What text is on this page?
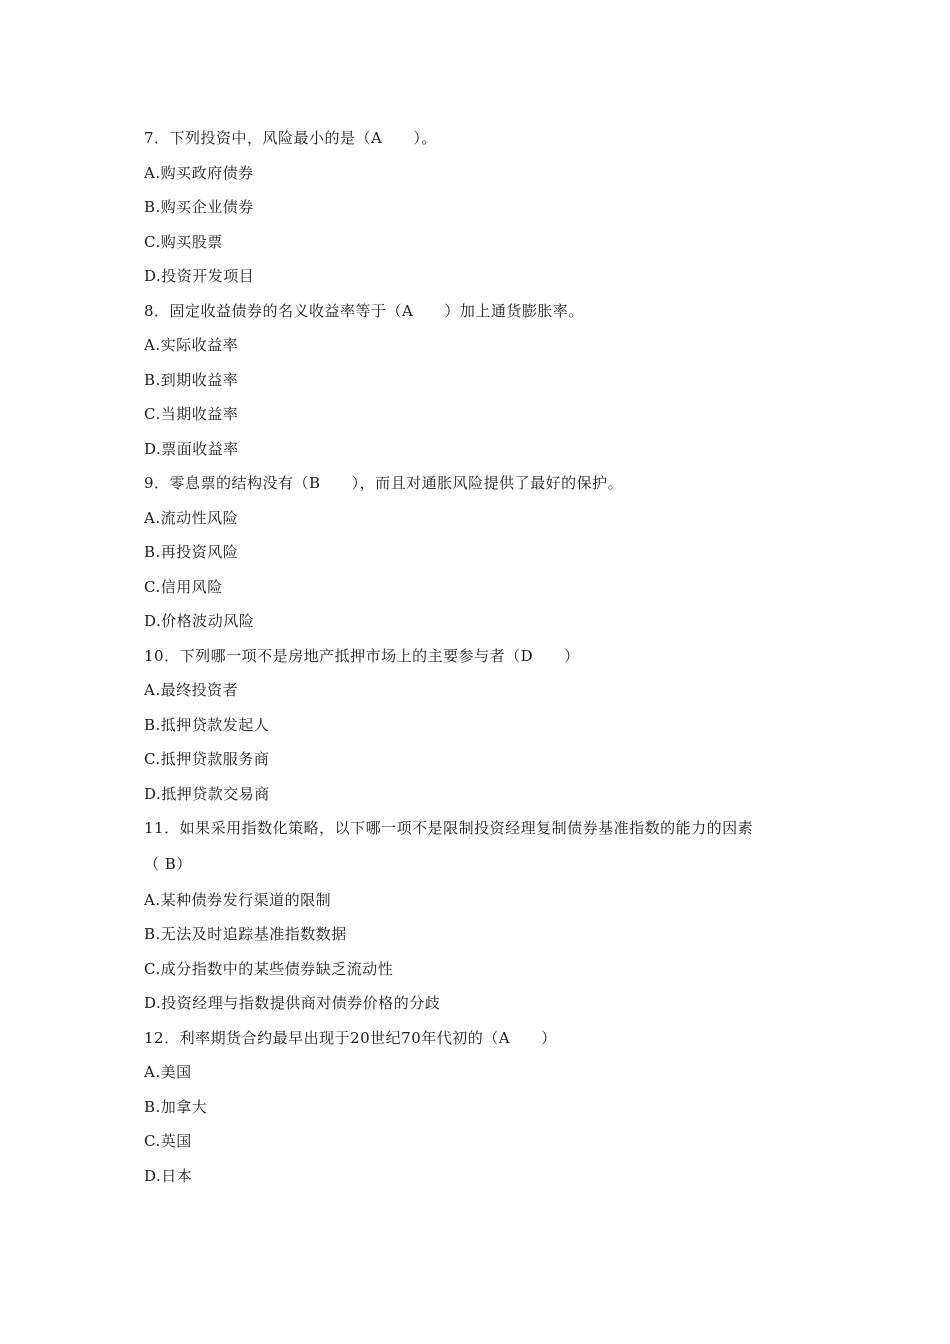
7．下列投资中，风险最小的是（A　　）。
A.购买政府债券
B.购买企业债券
C.购买股票
D.投资开发项目
8．固定收益债券的名义收益率等于（A　　）加上通货膨胀率。
A.实际收益率
B.到期收益率
C.当期收益率
D.票面收益率
9．零息票的结构没有（B　　），而且对通胀风险提供了最好的保护。
A.流动性风险
B.再投资风险
C.信用风险
D.价格波动风险
10．下列哪一项不是房地产抵押市场上的主要参与者（D　　）
A.最终投资者
B.抵押贷款发起人
C.抵押贷款服务商
D.抵押贷款交易商
11．如果采用指数化策略，以下哪一项不是限制投资经理复制债券基准指数的能力的因素
（ B）
A.某种债券发行渠道的限制
B.无法及时追踪基准指数数据
C.成分指数中的某些债券缺乏流动性
D.投资经理与指数提供商对债券价格的分歧
12．利率期货合约最早出现于20世纪70年代初的（A　　）
A.美国
B.加拿大
C.英国
D.日本
